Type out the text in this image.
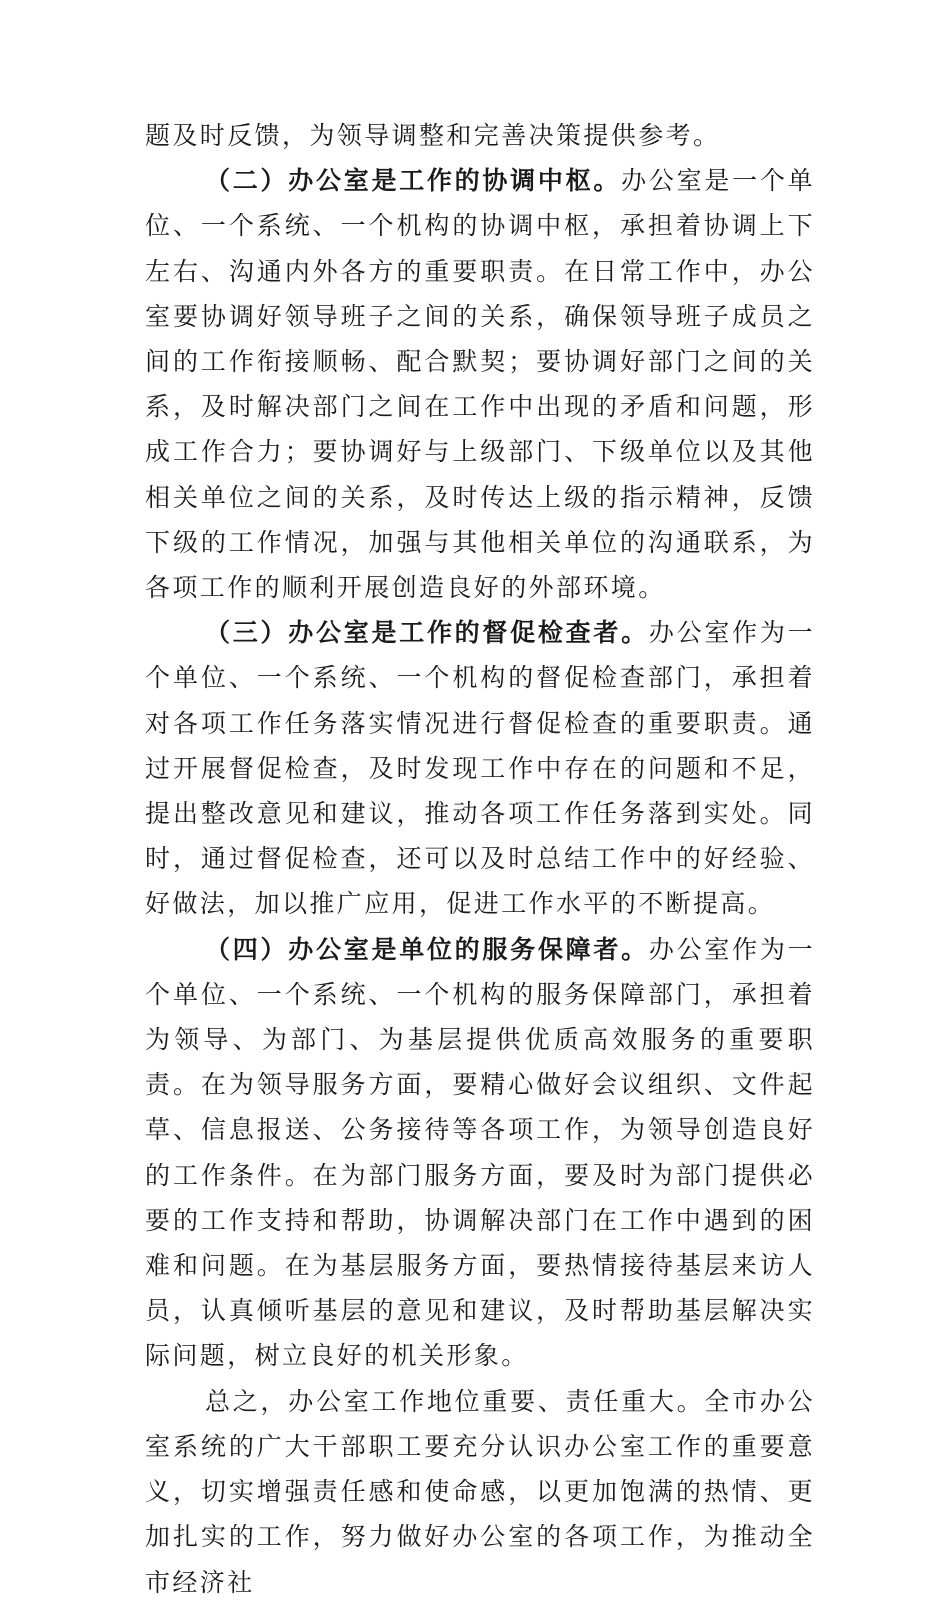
题及时反馈，为领导调整和完善决策提供参考。

（二）办公室是工作的协调中枢。办公室是一个单位、一个系统、一个机构的协调中枢，承担着协调上下左右、沟通内外各方的重要职责。在日常工作中，办公室要协调好领导班子之间的关系，确保领导班子成员之间的工作衔接顺畅、配合默契；要协调好部门之间的关系，及时解决部门之间在工作中出现的矛盾和问题，形成工作合力；要协调好与上级部门、下级单位以及其他相关单位之间的关系，及时传达上级的指示精神，反馈下级的工作情况，加强与其他相关单位的沟通联系，为各项工作的顺利开展创造良好的外部环境。

（三）办公室是工作的督促检查者。办公室作为一个单位、一个系统、一个机构的督促检查部门，承担着对各项工作任务落实情况进行督促检查的重要职责。通过开展督促检查，及时发现工作中存在的问题和不足，提出整改意见和建议，推动各项工作任务落到实处。同时，通过督促检查，还可以及时总结工作中的好经验、好做法，加以推广应用，促进工作水平的不断提高。

（四）办公室是单位的服务保障者。办公室作为一个单位、一个系统、一个机构的服务保障部门，承担着为领导、为部门、为基层提供优质高效服务的重要职责。在为领导服务方面，要精心做好会议组织、文件起草、信息报送、公务接待等各项工作，为领导创造良好的工作条件。在为部门服务方面，要及时为部门提供必要的工作支持和帮助，协调解决部门在工作中遇到的困难和问题。在为基层服务方面，要热情接待基层来访人员，认真倾听基层的意见和建议，及时帮助基层解决实际问题，树立良好的机关形象。

总之，办公室工作地位重要、责任重大。全市办公室系统的广大干部职工要充分认识办公室工作的重要意义，切实增强责任感和使命感，以更加饱满的热情、更加扎实的工作，努力做好办公室的各项工作，为推动全市经济社
